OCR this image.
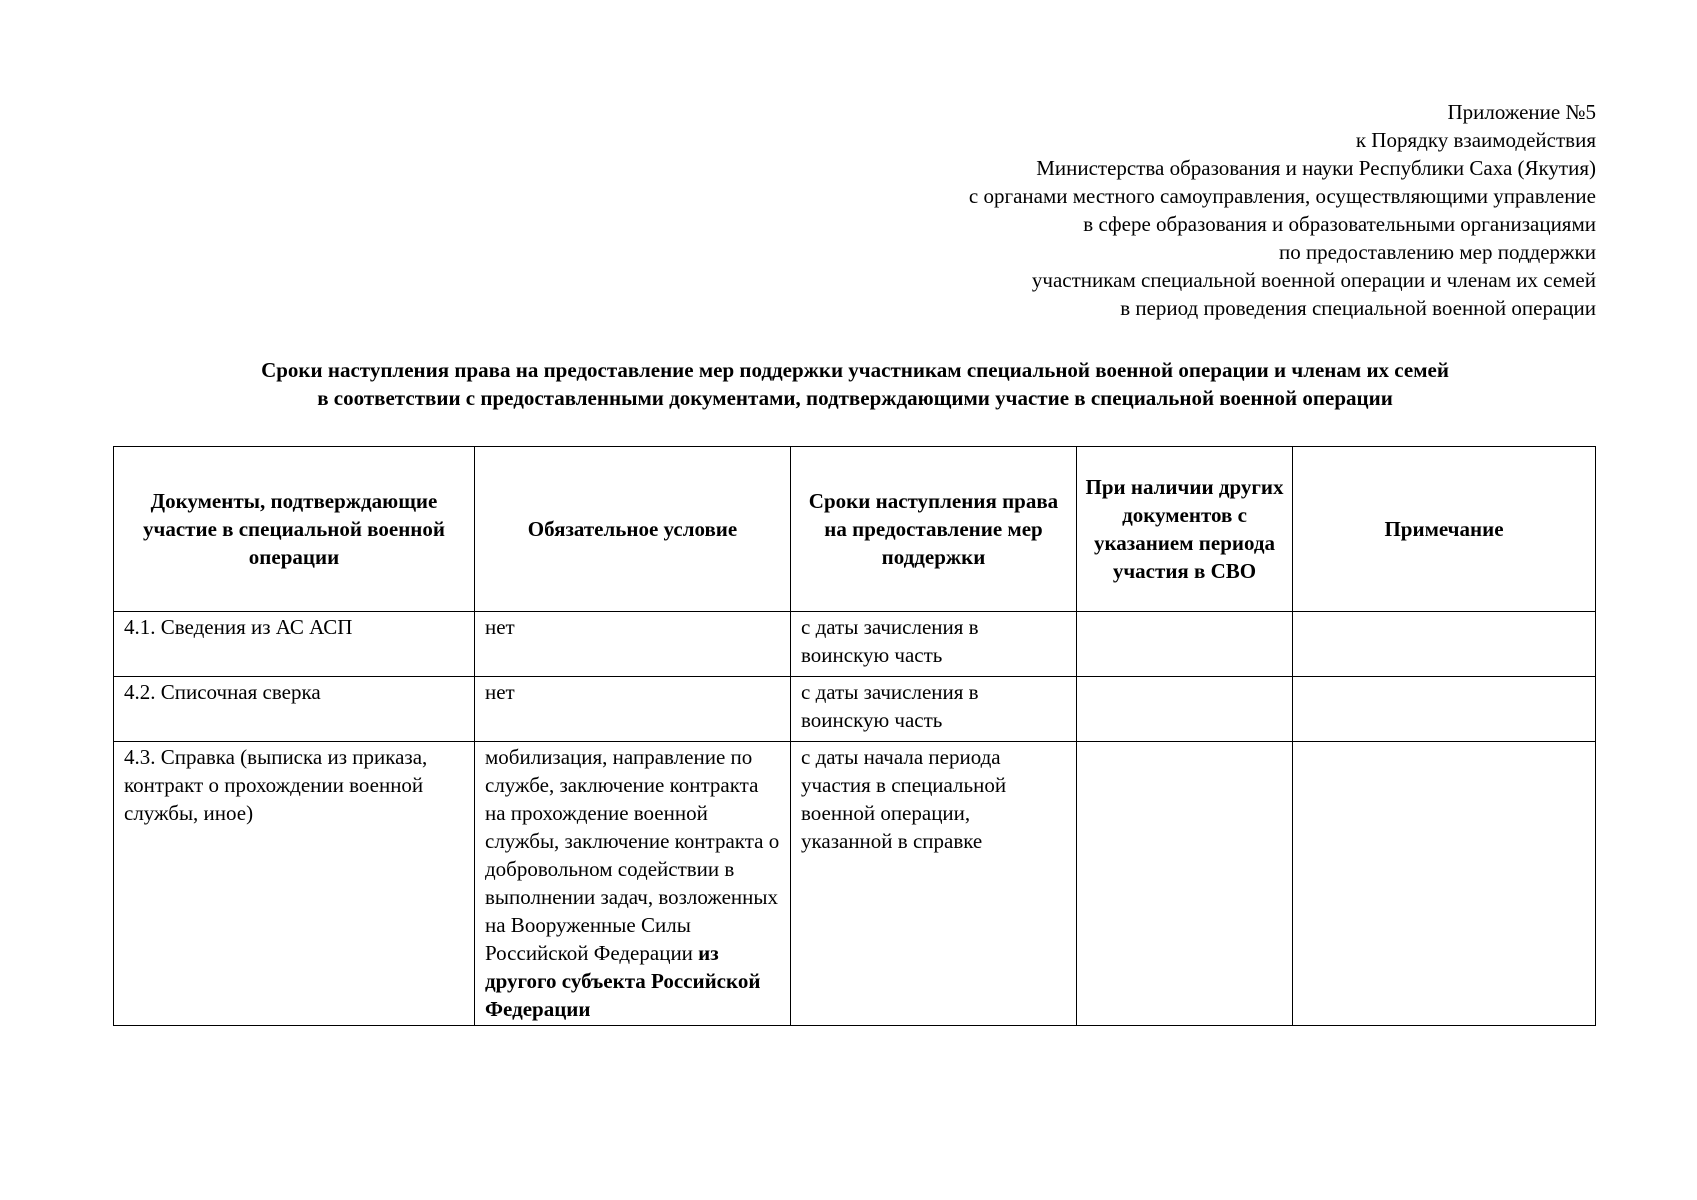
Приложение №5
к Порядку взаимодействия
Министерства образования и науки Республики Саха (Якутия)
с органами местного самоуправления, осуществляющими управление
в сфере образования и образовательными организациями
по предоставлению мер поддержки
участникам специальной военной операции и членам их семей
в период проведения специальной военной операции
Сроки наступления права на предоставление мер поддержки участникам специальной военной операции и членам их семей
в соответствии с предоставленными документами, подтверждающими участие в специальной военной операции
Документы, подтверждающие участие в специальной военной операции	Обязательное условие	Сроки наступления права на предоставление мер поддержки	При наличии других документов с указанием периода участия в СВО	Примечание
4.1. Сведения из АС АСП	нет	с даты зачисления в воинскую часть		
4.2. Списочная сверка	нет	с даты зачисления в воинскую часть		
4.3. Справка (выписка из приказа, контракт о прохождении военной службы, иное)	мобилизация, направление по службе, заключение контракта на прохождение военной службы, заключение контракта о добровольном содействии в выполнении задач, возложенных на Вооруженные Силы Российской Федерации из другого субъекта Российской Федерации	с даты начала периода участия в специальной военной операции, указанной в справке		
